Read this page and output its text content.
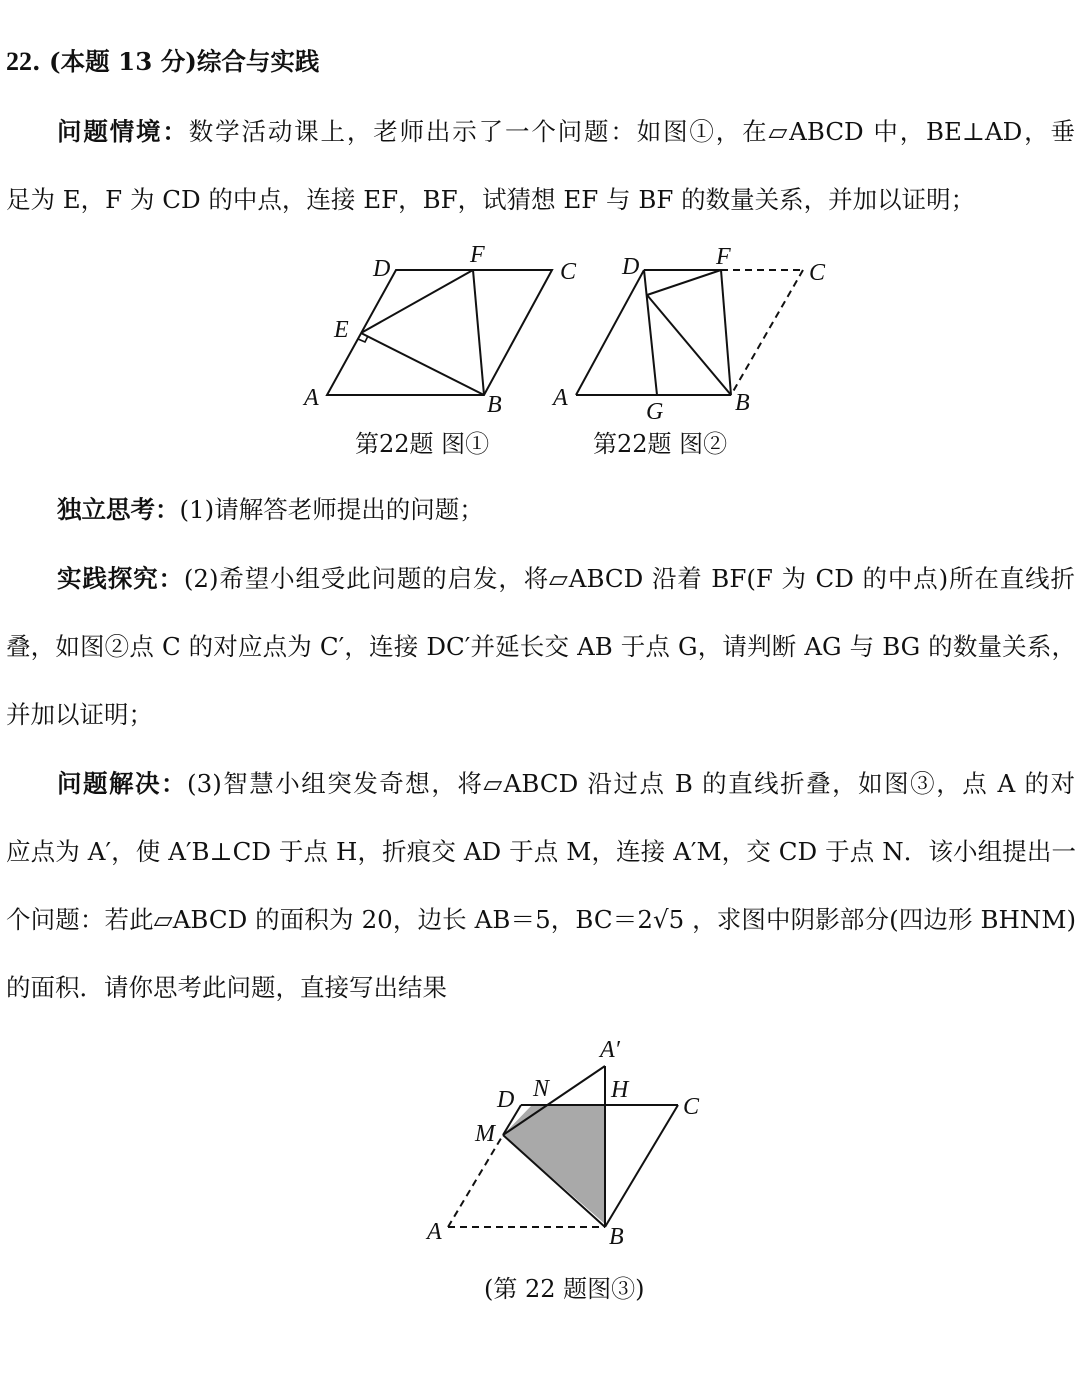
22. (本题 13 分)综合与实践

问题情境：数学活动课上，老师出示了一个问题：如图①，在▱ABCD 中，BE⊥AD，垂

足为 E，F 为 CD 的中点，连接 EF，BF，试猜想 EF 与 BF 的数量关系，并加以证明；

D
F
C
E
A	B
D	F
C
A
G	B
第22题 图①	第22题 图②

独立思考：(1)请解答老师提出的问题；

实践探究：(2)希望小组受此问题的启发，将▱ABCD 沿着 BF(F 为 CD 的中点)所在直线折

叠，如图②点 C 的对应点为 C′，连接 DC′并延长交 AB 于点 G，请判断 AG 与 BG 的数量关系，

并加以证明；

问题解决：(3)智慧小组突发奇想，将▱ABCD 沿过点 B 的直线折叠，如图③，点 A 的对

应点为 A′，使 A′B⊥CD 于点 H，折痕交 AD 于点 M，连接 A′M，交 CD 于点 N．该小组提出一

个问题：若此▱ABCD 的面积为 20，边长 AB＝5，BC＝2√5 ，求图中阴影部分(四边形 BHNM)

的面积．请你思考此问题，直接写出结果

A′
D N	H
C
M
A	B
(第 22 题图③)
